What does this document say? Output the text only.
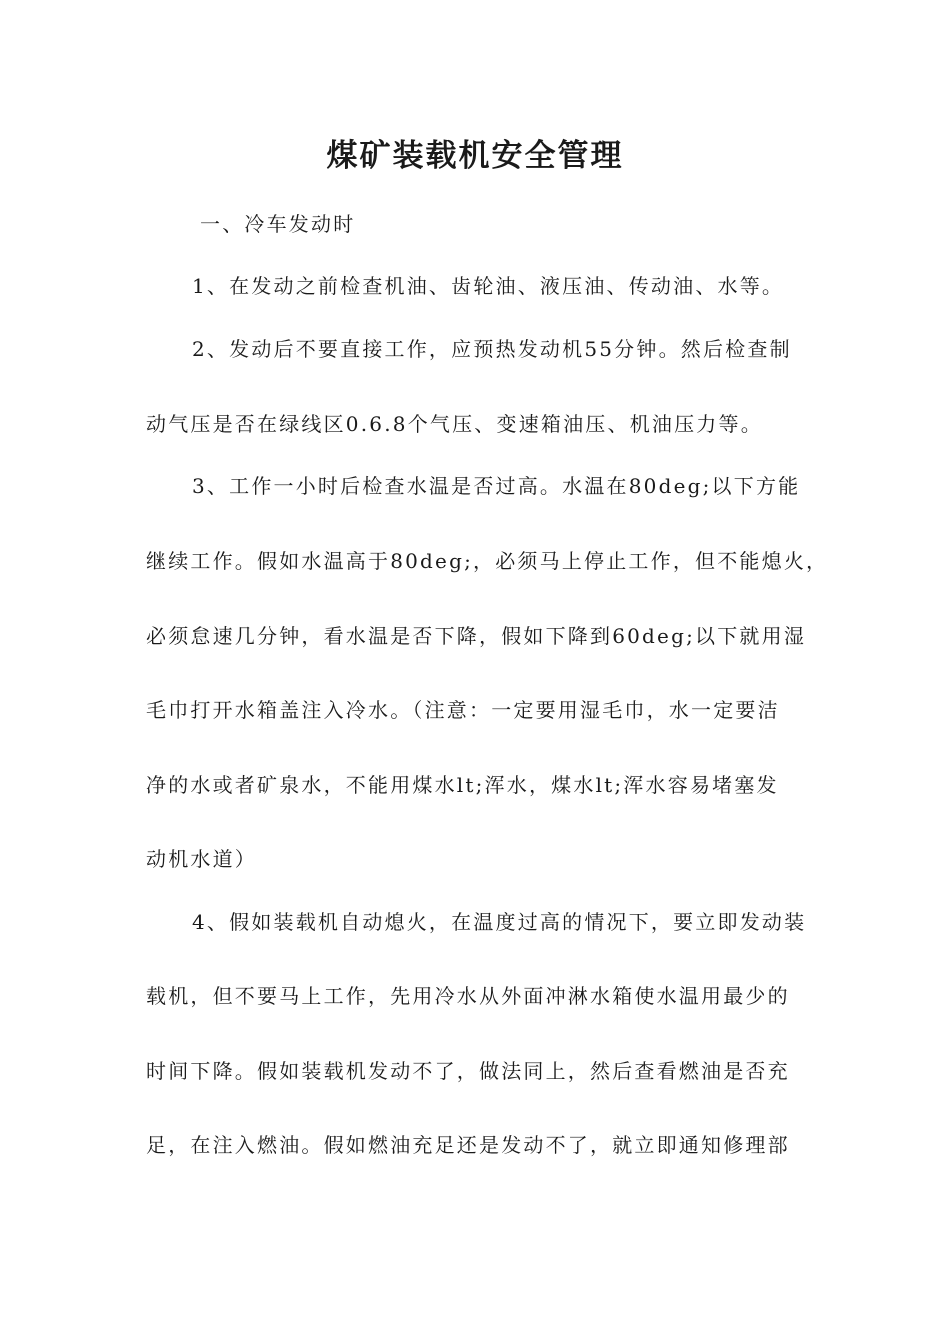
煤矿装载机安全管理
一、冷车发动时
1、在发动之前检查机油、齿轮油、液压油、传动油、水等。
2、发动后不要直接工作，应预热发动机55分钟。然后检查制
动气压是否在绿线区0.6.8个气压、变速箱油压、机油压力等。
3、工作一小时后检查水温是否过高。水温在80deg;以下方能
继续工作。假如水温高于80deg;，必须马上停止工作，但不能熄火，
必须怠速几分钟，看水温是否下降，假如下降到60deg;以下就用湿
毛巾打开水箱盖注入冷水。（注意：一定要用湿毛巾，水一定要洁
净的水或者矿泉水，不能用煤水lt;浑水，煤水lt;浑水容易堵塞发
动机水道）
4、假如装载机自动熄火，在温度过高的情况下，要立即发动装
载机，但不要马上工作，先用冷水从外面冲淋水箱使水温用最少的
时间下降。假如装载机发动不了，做法同上，然后查看燃油是否充
足，在注入燃油。假如燃油充足还是发动不了，就立即通知修理部
